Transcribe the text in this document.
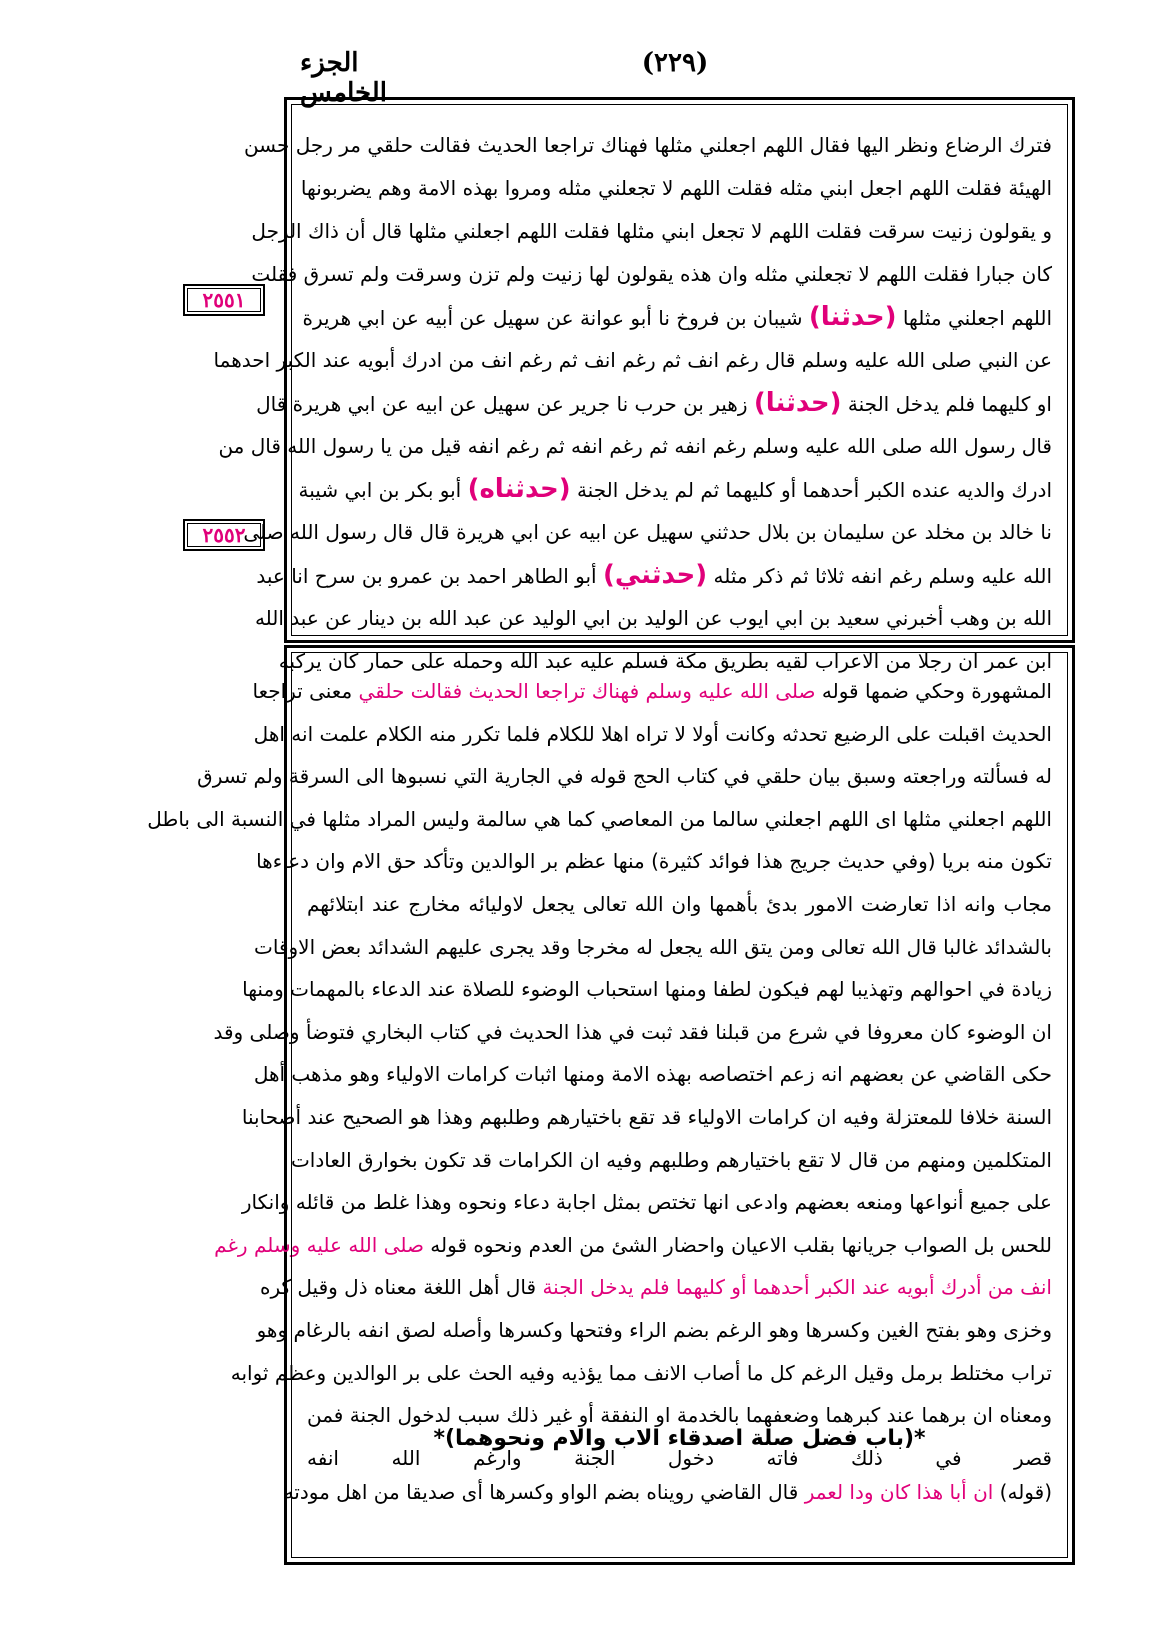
الجزء الخامس
(٢٢٩)
٢٥٥١
٢٥٥٢
فترك الرضاع ونظر اليها فقال اللهم اجعلني مثلها فهناك تراجعا الحديث فقالت حلقي مر رجل حسن
الهيئة فقلت اللهم اجعل ابني مثله فقلت اللهم لا تجعلني مثله ومروا بهذه الامة وهم يضربونها
و يقولون زنيت سرقت فقلت اللهم لا تجعل ابني مثلها فقلت اللهم اجعلني مثلها قال أن ذاك الرجل
كان جبارا فقلت اللهم لا تجعلني مثله وان هذه يقولون لها زنيت ولم تزن وسرقت ولم تسرق فقلت
اللهم اجعلني مثلها (حدثنا) شيبان بن فروخ نا أبو عوانة عن سهيل عن أبيه عن ابي هريرة
عن النبي صلى الله عليه وسلم قال رغم انف ثم رغم انف ثم رغم انف من ادرك أبويه عند الكبر احدهما
او كليهما فلم يدخل الجنة (حدثنا) زهير بن حرب نا جرير عن سهيل عن ابيه عن ابي هريرة قال
قال رسول الله صلى الله عليه وسلم رغم انفه ثم رغم انفه ثم رغم انفه قيل من يا رسول الله قال من
ادرك والديه عنده الكبر أحدهما أو كليهما ثم لم يدخل الجنة (حدثناه) أبو بكر بن ابي شيبة
نا خالد بن مخلد عن سليمان بن بلال حدثني سهيل عن ابيه عن ابي هريرة قال قال رسول الله صلى
الله عليه وسلم رغم انفه ثلاثا ثم ذكر مثله (حدثني) أبو الطاهر احمد بن عمرو بن سرح انا عبد
الله بن وهب أخبرني سعيد بن ابي ايوب عن الوليد بن ابي الوليد عن عبد الله بن دينار عن عبد الله
ابن عمر ان رجلا من الاعراب لقيه بطريق مكة فسلم عليه عبد الله وحمله على حمار كان يركبه
المشهورة وحكي ضمها قوله صلى الله عليه وسلم فهناك تراجعا الحديث فقالت حلقي معنى تراجعا
الحديث اقبلت على الرضيع تحدثه وكانت أولا لا تراه اهلا للكلام فلما تكرر منه الكلام علمت انه اهل
له فسألته وراجعته وسبق بيان حلقي في كتاب الحج قوله في الجارية التي نسبوها الى السرقة ولم تسرق
اللهم اجعلني مثلها اى اللهم اجعلني سالما من المعاصي كما هي سالمة وليس المراد مثلها في النسبة الى باطل
تكون منه بريا (وفي حديث جريج هذا فوائد كثيرة) منها عظم بر الوالدين وتأكد حق الام وان دعاءها
مجاب وانه اذا تعارضت الامور بدئ بأهمها وان الله تعالى يجعل لاوليائه مخارج عند ابتلائهم
بالشدائد غالبا قال الله تعالى ومن يتق الله يجعل له مخرجا وقد يجرى عليهم الشدائد بعض الاوقات
زيادة في احوالهم وتهذيبا لهم فيكون لطفا ومنها استحباب الوضوء للصلاة عند الدعاء بالمهمات ومنها
ان الوضوء كان معروفا في شرع من قبلنا فقد ثبت في هذا الحديث في كتاب البخاري فتوضأ وصلى وقد
حكى القاضي عن بعضهم انه زعم اختصاصه بهذه الامة ومنها اثبات كرامات الاولياء وهو مذهب أهل
السنة خلافا للمعتزلة وفيه ان كرامات الاولياء قد تقع باختيارهم وطلبهم وهذا هو الصحيح عند أصحابنا
المتكلمين ومنهم من قال لا تقع باختيارهم وطلبهم وفيه ان الكرامات قد تكون بخوارق العادات
على جميع أنواعها ومنعه بعضهم وادعى انها تختص بمثل اجابة دعاء ونحوه وهذا غلط من قائله وانكار
للحس بل الصواب جريانها بقلب الاعيان واحضار الشئ من العدم ونحوه قوله صلى الله عليه وسلم رغم
انف من أدرك أبويه عند الكبر أحدهما أو كليهما فلم يدخل الجنة قال أهل اللغة معناه ذل وقيل كره
وخزى وهو بفتح الغين وكسرها وهو الرغم بضم الراء وفتحها وكسرها وأصله لصق انفه بالرغام وهو
تراب مختلط برمل وقيل الرغم كل ما أصاب الانف مما يؤذيه وفيه الحث على بر الوالدين وعظم ثوابه
ومعناه ان برهما عند كبرهما وضعفهما بالخدمة او النفقة أو غير ذلك سبب لدخول الجنة فمن
قصر في ذلك فاته دخول الجنة وارغم الله انفه
*(باب فضل صلة اصدقاء الاب والام ونحوهما)*
(قوله) ان أبا هذا كان ودا لعمر قال القاضي رويناه بضم الواو وكسرها أى صديقا من اهل مودته
